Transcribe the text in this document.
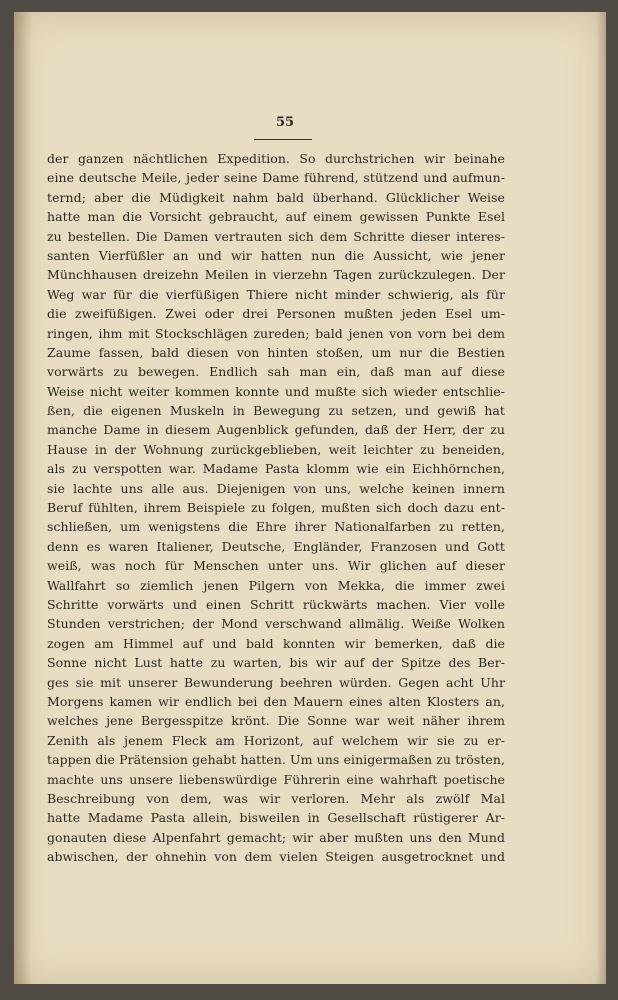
55
der ganzen nächtlichen Expedition. So durchstrichen wir beinahe
eine deutsche Meile, jeder seine Dame führend, stützend und aufmun-
ternd; aber die Müdigkeit nahm bald überhand. Glücklicher Weise
hatte man die Vorsicht gebraucht, auf einem gewissen Punkte Esel
zu bestellen. Die Damen vertrauten sich dem Schritte dieser interes-
santen Vierfüßler an und wir hatten nun die Aussicht, wie jener
Münchhausen dreizehn Meilen in vierzehn Tagen zurückzulegen. Der
Weg war für die vierfüßigen Thiere nicht minder schwierig, als für
die zweifüßigen. Zwei oder drei Personen mußten jeden Esel um-
ringen, ihm mit Stockschlägen zureden; bald jenen von vorn bei dem
Zaume fassen, bald diesen von hinten stoßen, um nur die Bestien
vorwärts zu bewegen. Endlich sah man ein, daß man auf diese
Weise nicht weiter kommen konnte und mußte sich wieder entschlie-
ßen, die eigenen Muskeln in Bewegung zu setzen, und gewiß hat
manche Dame in diesem Augenblick gefunden, daß der Herr, der zu
Hause in der Wohnung zurückgeblieben, weit leichter zu beneiden,
als zu verspotten war. Madame Pasta klomm wie ein Eichhörnchen,
sie lachte uns alle aus. Diejenigen von uns, welche keinen innern
Beruf fühlten, ihrem Beispiele zu folgen, mußten sich doch dazu ent-
schließen, um wenigstens die Ehre ihrer Nationalfarben zu retten,
denn es waren Italiener, Deutsche, Engländer, Franzosen und Gott
weiß, was noch für Menschen unter uns. Wir glichen auf dieser
Wallfahrt so ziemlich jenen Pilgern von Mekka, die immer zwei
Schritte vorwärts und einen Schritt rückwärts machen. Vier volle
Stunden verstrichen; der Mond verschwand allmälig. Weiße Wolken
zogen am Himmel auf und bald konnten wir bemerken, daß die
Sonne nicht Lust hatte zu warten, bis wir auf der Spitze des Ber-
ges sie mit unserer Bewunderung beehren würden. Gegen acht Uhr
Morgens kamen wir endlich bei den Mauern eines alten Klosters an,
welches jene Bergesspitze krönt. Die Sonne war weit näher ihrem
Zenith als jenem Fleck am Horizont, auf welchem wir sie zu er-
tappen die Prätension gehabt hatten. Um uns einigermaßen zu trösten,
machte uns unsere liebenswürdige Führerin eine wahrhaft poetische
Beschreibung von dem, was wir verloren. Mehr als zwölf Mal
hatte Madame Pasta allein, bisweilen in Gesellschaft rüstigerer Ar-
gonauten diese Alpenfahrt gemacht; wir aber mußten uns den Mund
abwischen, der ohnehin von dem vielen Steigen ausgetrocknet und
